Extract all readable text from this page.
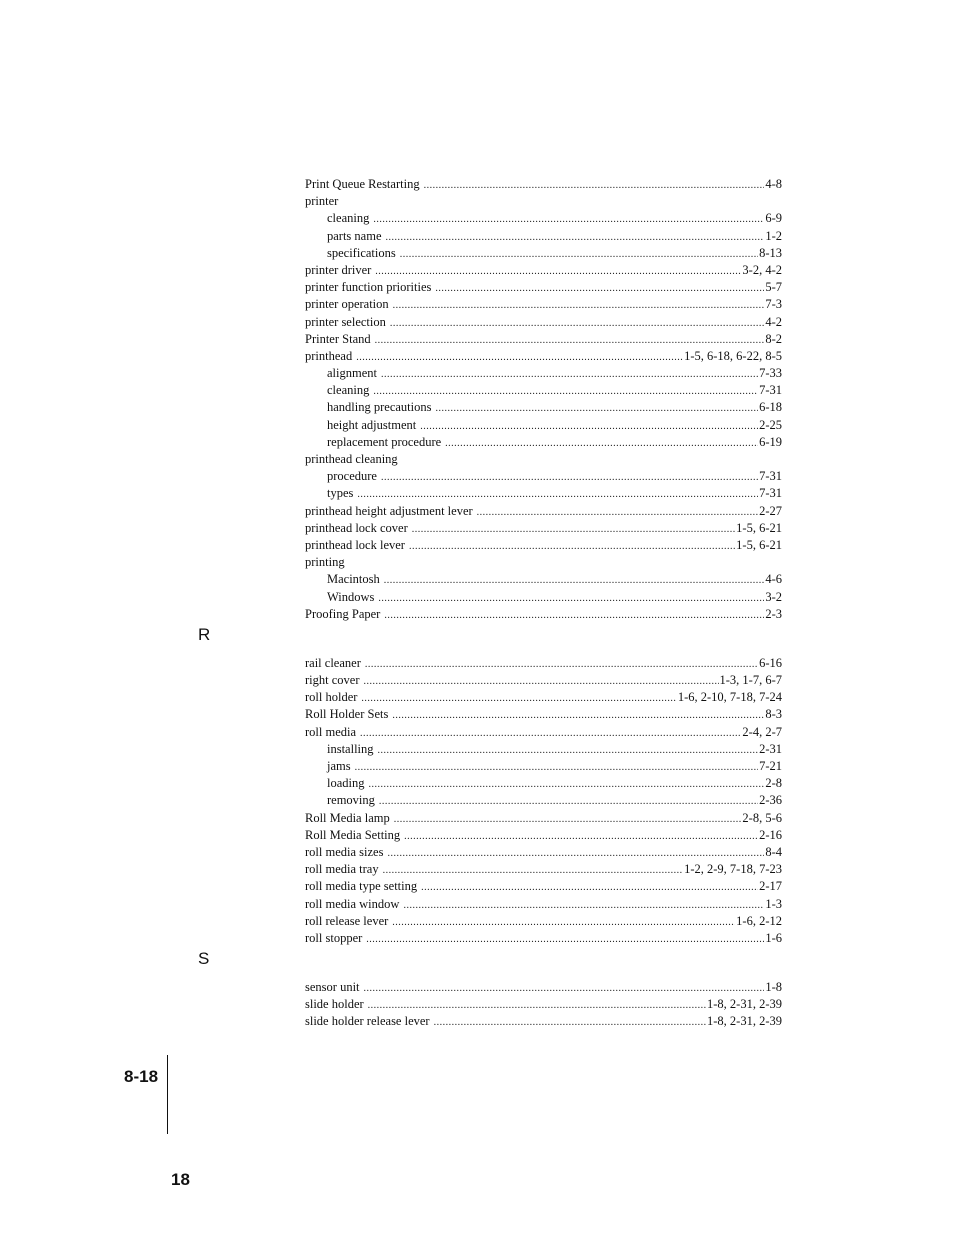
Print Queue Restarting .....	4-8
printer
cleaning .....	6-9
parts name .....	1-2
specifications .....	8-13
printer driver .....	3-2, 4-2
printer function priorities .....	5-7
printer operation .....	7-3
printer selection .....	4-2
Printer Stand .....	8-2
printhead .....	1-5, 6-18, 6-22, 8-5
alignment .....	7-33
cleaning .....	7-31
handling precautions .....	6-18
height adjustment .....	2-25
replacement procedure .....	6-19
printhead cleaning
procedure .....	7-31
types .....	7-31
printhead height adjustment lever .....	2-27
printhead lock cover .....	1-5, 6-21
printhead lock lever .....	1-5, 6-21
printing
Macintosh .....	4-6
Windows .....	3-2
Proofing Paper .....	2-3
rail cleaner .....	6-16
right cover .....	1-3, 1-7, 6-7
roll holder .....	1-6, 2-10, 7-18, 7-24
Roll Holder Sets .....	8-3
roll media .....	2-4, 2-7
installing .....	2-31
jams .....	7-21
loading .....	2-8
removing .....	2-36
Roll Media lamp .....	2-8, 5-6
Roll Media Setting .....	2-16
roll media sizes .....	8-4
roll media tray .....	1-2, 2-9, 7-18, 7-23
roll media type setting .....	2-17
roll media window .....	1-3
roll release lever .....	1-6, 2-12
roll stopper .....	1-6
sensor unit .....	1-8
slide holder .....	1-8, 2-31, 2-39
slide holder release lever .....	1-8, 2-31, 2-39
R
S
8-18
18
